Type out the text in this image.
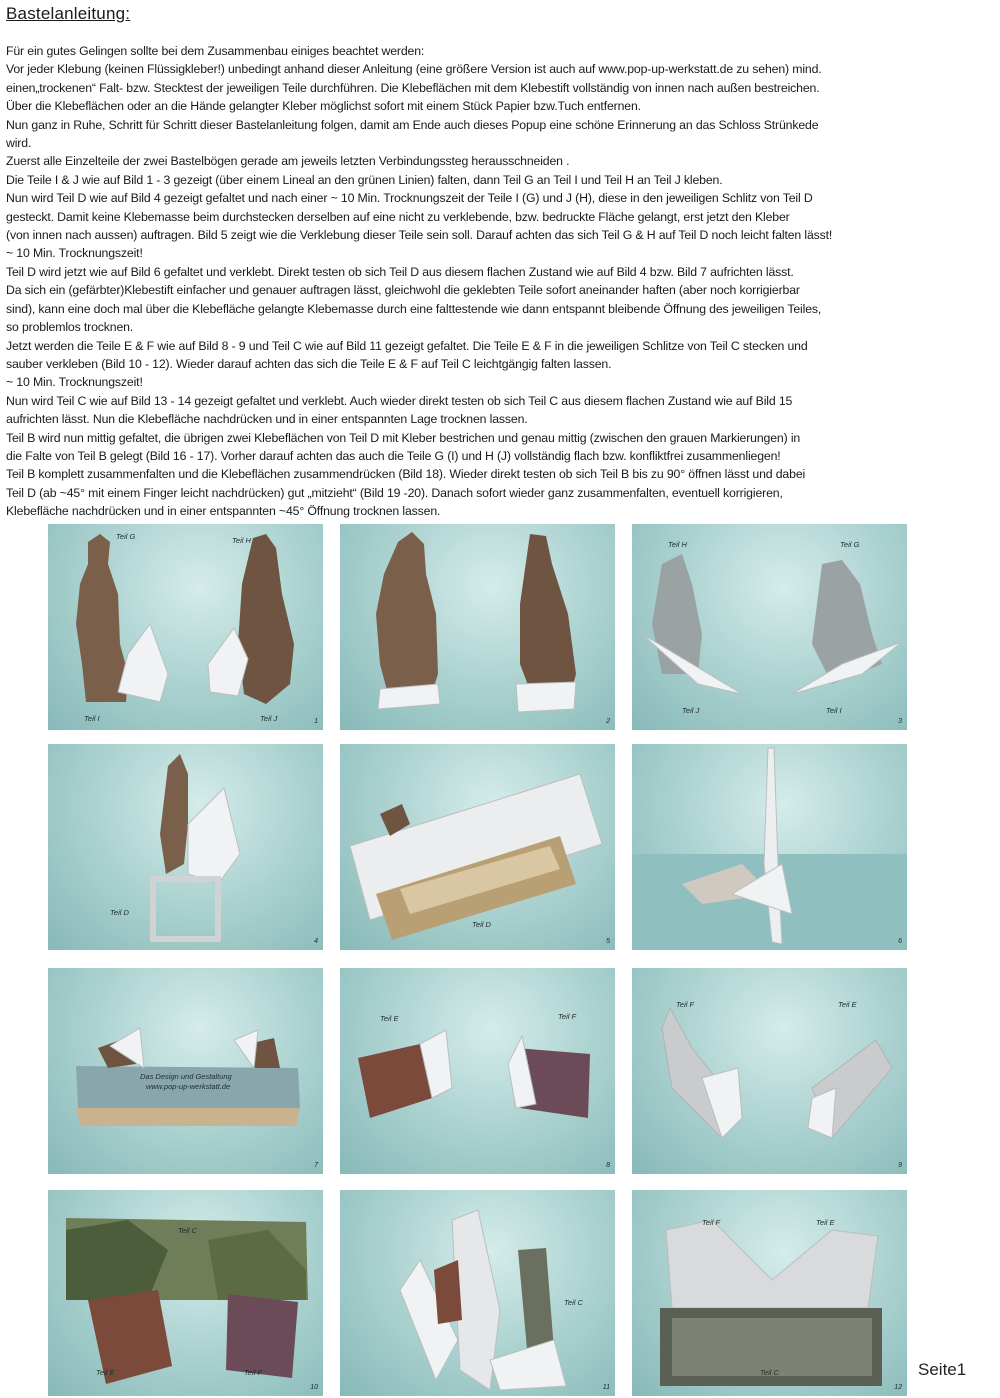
Bastelanleitung:

Für ein gutes Gelingen sollte bei dem Zusammenbau einiges beachtet werden:

Vor jeder Klebung (keinen Flüssigkleber!) unbedingt anhand dieser Anleitung (eine größere Version ist auch auf www.pop-up-werkstatt.de zu sehen) mind.

einen„trockenen“ Falt- bzw. Stecktest der jeweiligen Teile durchführen. Die Klebeflächen mit dem Klebestift vollständig von innen nach außen bestreichen.

Über die Klebeflächen oder an die Hände gelangter Kleber möglichst sofort mit einem Stück Papier bzw.Tuch entfernen.

Nun ganz in Ruhe, Schritt für Schritt dieser Bastelanleitung folgen, damit am Ende auch dieses Popup eine schöne Erinnerung an das Schloss Strünkede

wird.

Zuerst alle Einzelteile der zwei Bastelbögen gerade am jeweils letzten Verbindungssteg herausschneiden .

Die Teile I & J wie auf Bild 1 - 3 gezeigt (über einem Lineal an den grünen Linien) falten, dann Teil G an Teil I und Teil H an Teil J kleben.

Nun wird Teil D wie auf Bild 4 gezeigt gefaltet und nach einer ~ 10 Min. Trocknungszeit der Teile I (G) und J (H), diese in den jeweiligen Schlitz von Teil D

gesteckt. Damit keine Klebemasse beim durchstecken derselben auf eine nicht zu verklebende, bzw. bedruckte Fläche gelangt, erst jetzt den Kleber

(von innen nach aussen) auftragen. Bild 5 zeigt wie die Verklebung dieser Teile sein soll. Darauf achten das sich Teil G & H auf Teil D noch leicht falten lässt!

~ 10 Min. Trocknungszeit!

Teil D wird jetzt wie auf Bild 6 gefaltet und verklebt. Direkt testen ob sich Teil D aus diesem flachen Zustand wie auf Bild 4 bzw. Bild 7 aufrichten lässt.

Da sich ein (gefärbter)Klebestift einfacher und genauer auftragen lässt, gleichwohl die geklebten Teile sofort aneinander haften (aber noch korrigierbar

sind), kann eine doch mal über die Klebefläche gelangte Klebemasse durch eine falttestende wie dann entspannt bleibende Öffnung des jeweiligen Teiles,

so problemlos trocknen.

Jetzt werden die Teile E & F wie auf Bild 8 - 9 und Teil C wie auf Bild 11 gezeigt gefaltet. Die Teile E & F in die jeweiligen Schlitze von Teil C stecken und

sauber verkleben (Bild 10 - 12). Wieder darauf achten das sich die Teile E & F auf Teil C leichtgängig falten lassen.

~ 10 Min. Trocknungszeit!

Nun wird Teil C wie auf Bild 13 - 14 gezeigt gefaltet und verklebt. Auch wieder direkt testen ob sich Teil C aus diesem flachen Zustand wie auf Bild 15

aufrichten lässt. Nun die Klebefläche nachdrücken und in einer entspannten Lage trocknen lassen.

Teil B wird nun mittig gefaltet, die übrigen zwei Klebeflächen von Teil D mit Kleber bestrichen und genau mittig (zwischen den grauen Markierungen) in

die Falte von Teil B gelegt (Bild 16 - 17). Vorher darauf achten das auch die Teile G (I) und H (J) vollständig flach bzw. konfliktfrei zusammenliegen!

Teil B komplett zusammenfalten und die Klebeflächen zusammendrücken (Bild 18). Wieder direkt testen ob sich Teil B bis zu 90° öffnen lässt und dabei

Teil D (ab ~45° mit einem Finger leicht nachdrücken) gut „mitzieht“ (Bild 19 -20). Danach sofort wieder ganz zusammenfalten, eventuell korrigieren,

Klebefläche nachdrücken und in einer entspannten ~45° Öffnung trocknen lassen.

Teil G	Teil H
Teil I	Teil J	1	2
Teil H	Teil G
Teil J	Teil I
3
Teil D
4
Teil D
5	6
Das Design und Gestaltung
www.pop-up-werkstatt.de
7
Teil E	Teil F
8
Teil F	Teil E
9
Teil C
Teil E	Teil F
10
Teil C
11
Teil F	Teil E
Teil C
12
Seite1
